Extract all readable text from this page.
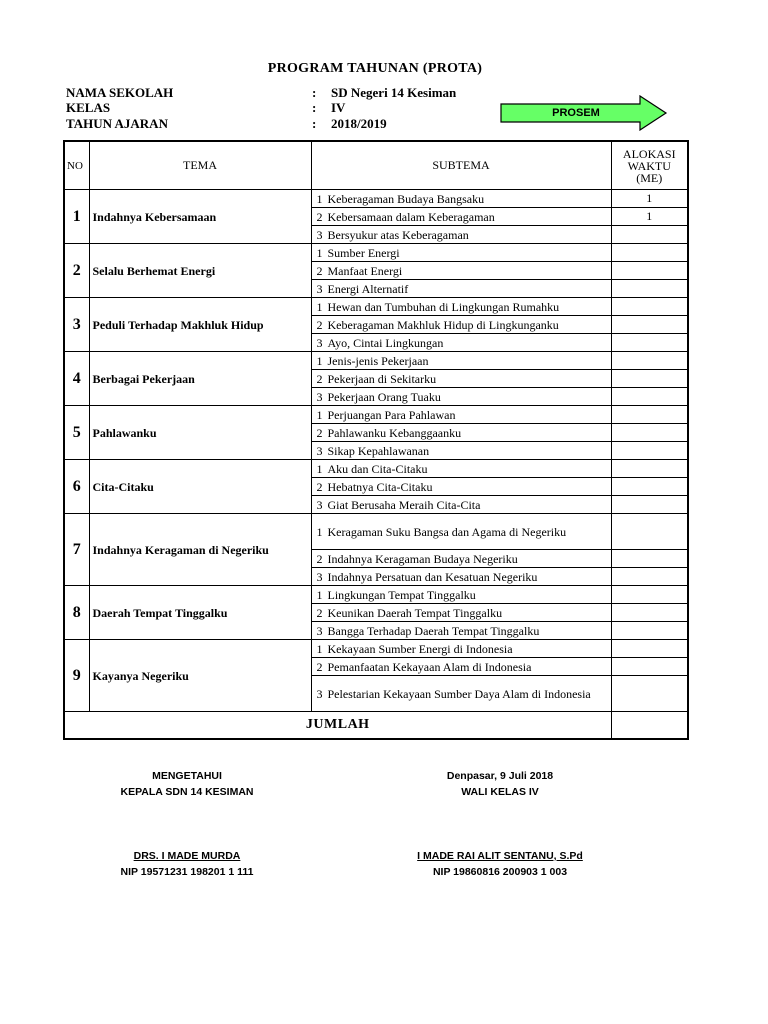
PROGRAM TAHUNAN (PROTA)
NAMA SEKOLAH	: SD Negeri 14 Kesiman
KELAS	: IV
TAHUN AJARAN	: 2018/2019
PROSEM
NO	TEMA	SUBTEMA	ALOKASI
WAKTU
(ME)

1	Indahnya Kebersamaan	1 Keberagaman Budaya Bangsaku	1

		2 Kebersamaan dalam Keberagaman	1

		3 Bersyukur atas Keberagaman	

2	Selalu Berhemat Energi	1 Sumber Energi	

		2 Manfaat Energi	

		3 Energi Alternatif	

3	Peduli Terhadap Makhluk Hidup	1 Hewan dan Tumbuhan di Lingkungan Rumahku	

		2 Keberagaman Makhluk Hidup di Lingkunganku	

		3 Ayo, Cintai Lingkungan	

4	Berbagai Pekerjaan	1 Jenis-jenis Pekerjaan	

		2 Pekerjaan di Sekitarku	

		3 Pekerjaan Orang Tuaku	

5	Pahlawanku	1 Perjuangan Para Pahlawan	

		2 Pahlawanku Kebanggaanku	

		3 Sikap Kepahlawanan	

6	Cita-Citaku	1 Aku dan Cita-Citaku	

		2 Hebatnya Cita-Citaku	

		3 Giat Berusaha Meraih Cita-Cita	

7	Indahnya Keragaman di Negeriku	1 Keragaman Suku Bangsa dan Agama di Negeriku	

		2 Indahnya Keragaman Budaya Negeriku	

		3 Indahnya Persatuan dan Kesatuan Negeriku	

8	Daerah Tempat Tinggalku	1 Lingkungan Tempat Tinggalku	

		2 Keunikan Daerah Tempat Tinggalku	

		3 Bangga Terhadap Daerah Tempat Tinggalku	

9	Kayanya Negeriku	1 Kekayaan Sumber Energi di Indonesia	

		2 Pemanfaatan Kekayaan Alam di Indonesia	

		3 Pelestarian Kekayaan Sumber Daya Alam di Indonesia	

JUMLAH			
MENGETAHUI
KEPALA SDN 14 KESIMAN
DRS. I MADE MURDA
NIP 19571231 198201 1 111
Denpasar, 9 Juli 2018
WALI KELAS IV
I MADE RAI ALIT SENTANU, S.Pd
NIP 19860816 200903 1 003
